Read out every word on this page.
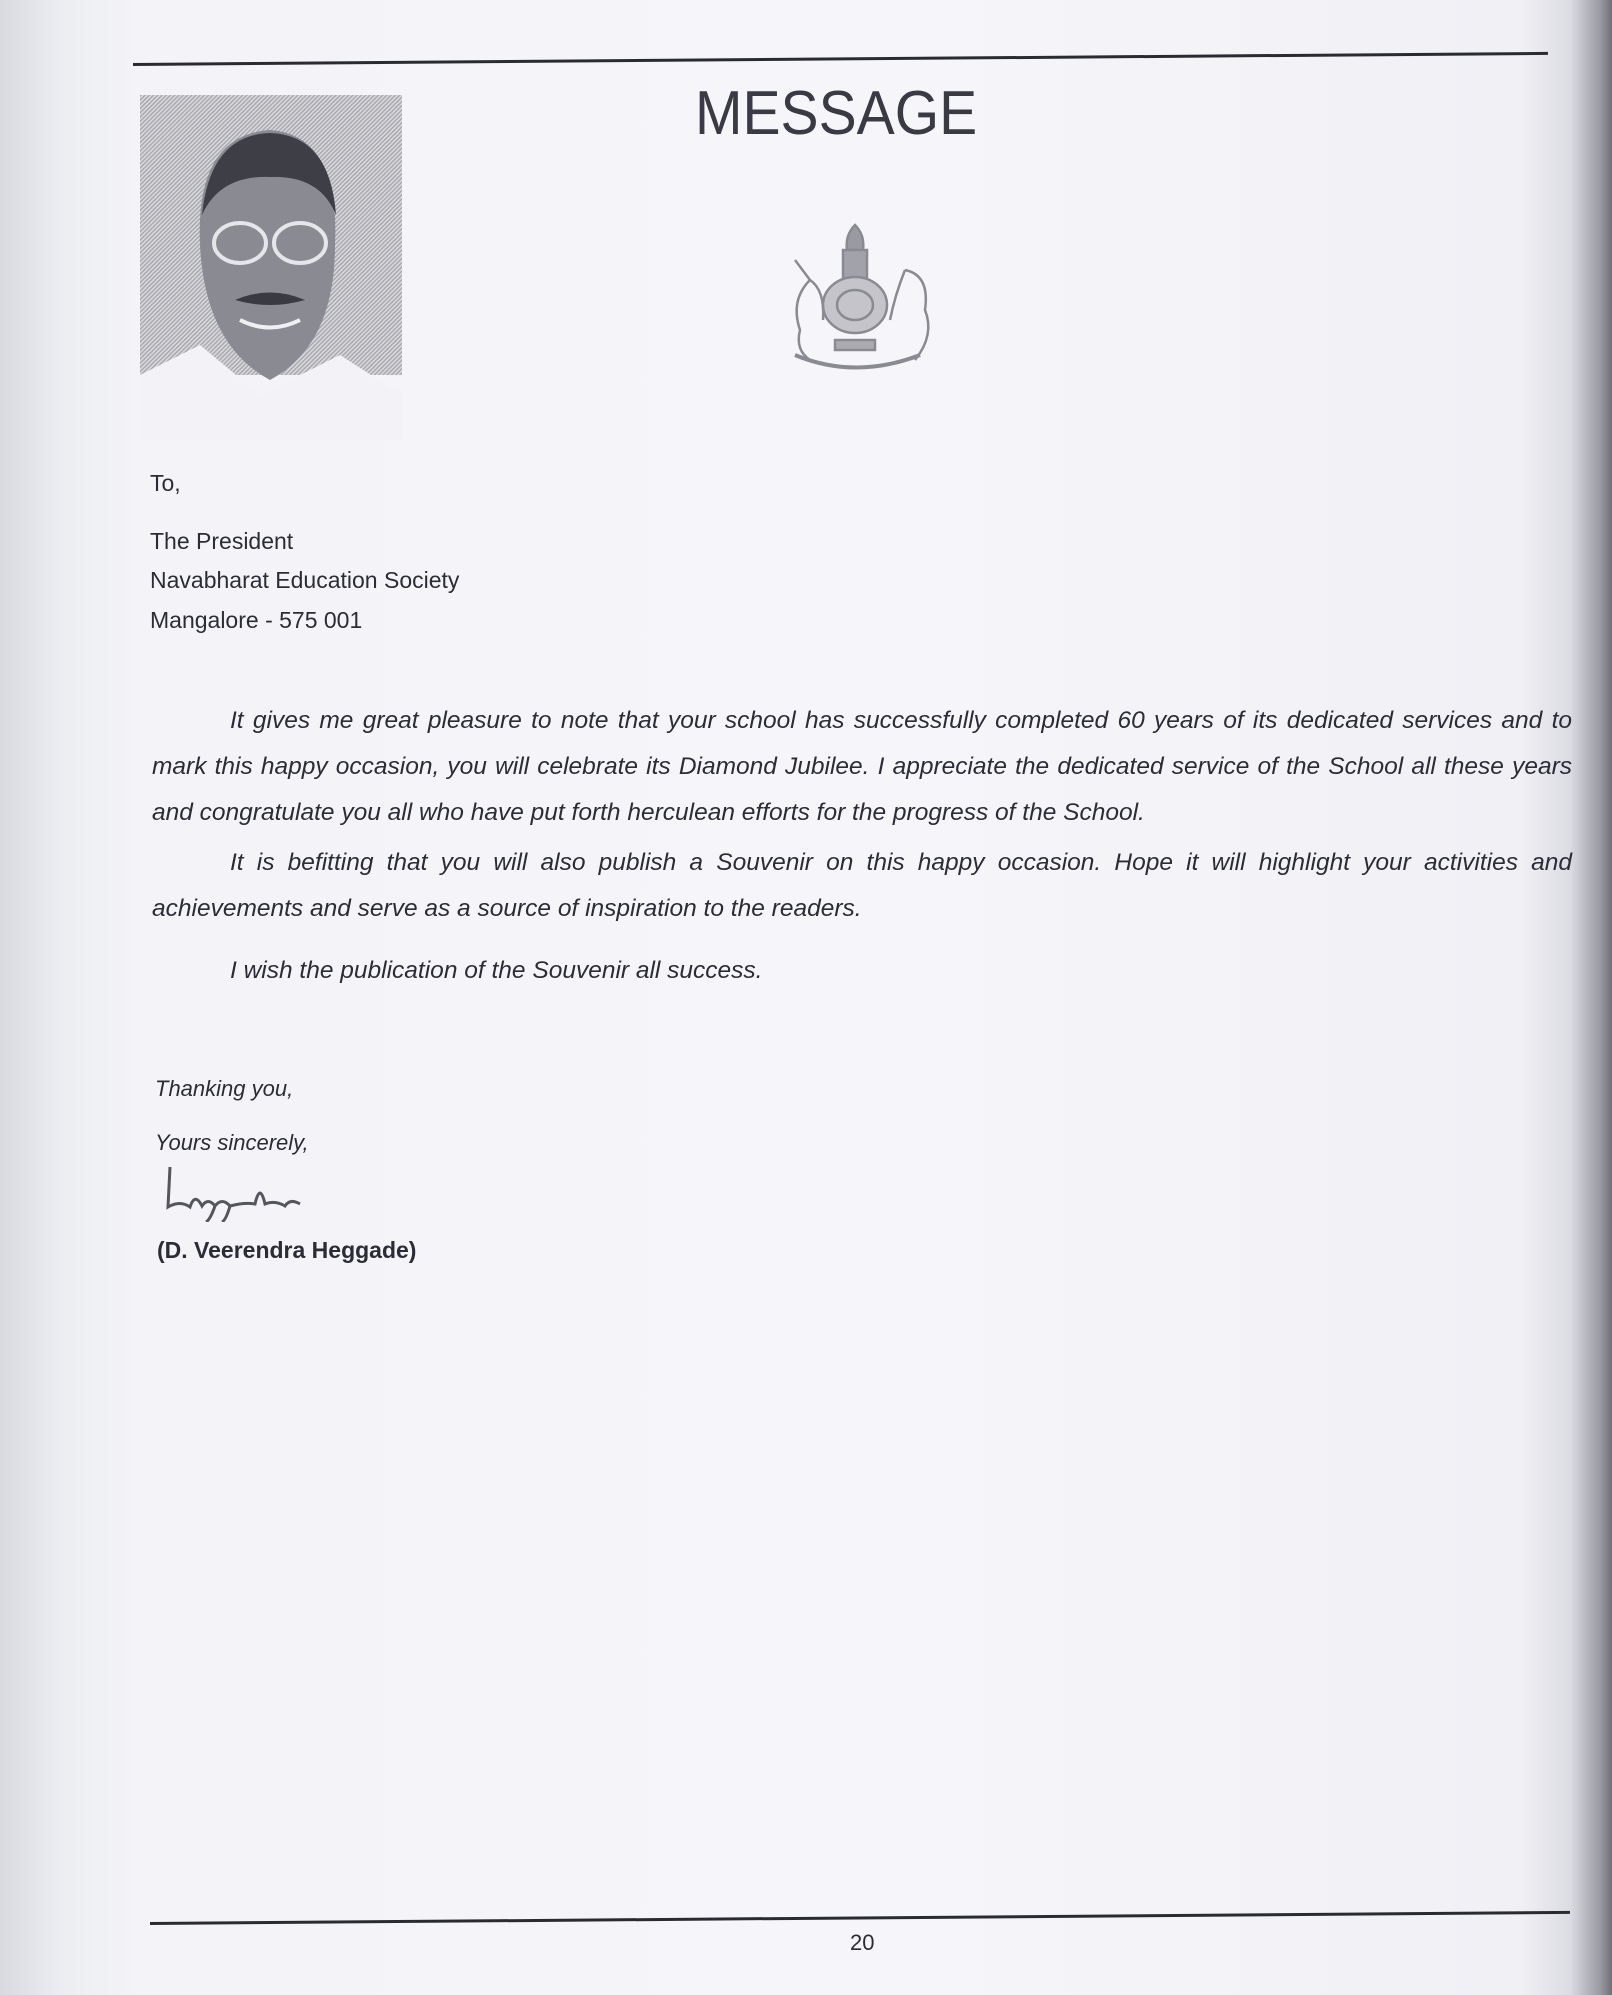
MESSAGE
To,
The President
Navabharat Education Society
Mangalore - 575 001
It gives me great pleasure to note that your school has successfully completed 60 years of its dedicated services and to mark this happy occasion, you will celebrate its Diamond Jubilee. I appreciate the dedicated service of the School all these years and congratulate you all who have put forth herculean efforts for the progress of the School.
It is befitting that you will also publish a Souvenir on this happy occasion. Hope it will highlight your activities and achievements and serve as a source of inspiration to the readers.
I wish the publication of the Souvenir all success.
Thanking you,
Yours sincerely,
(D. Veerendra Heggade)
20
